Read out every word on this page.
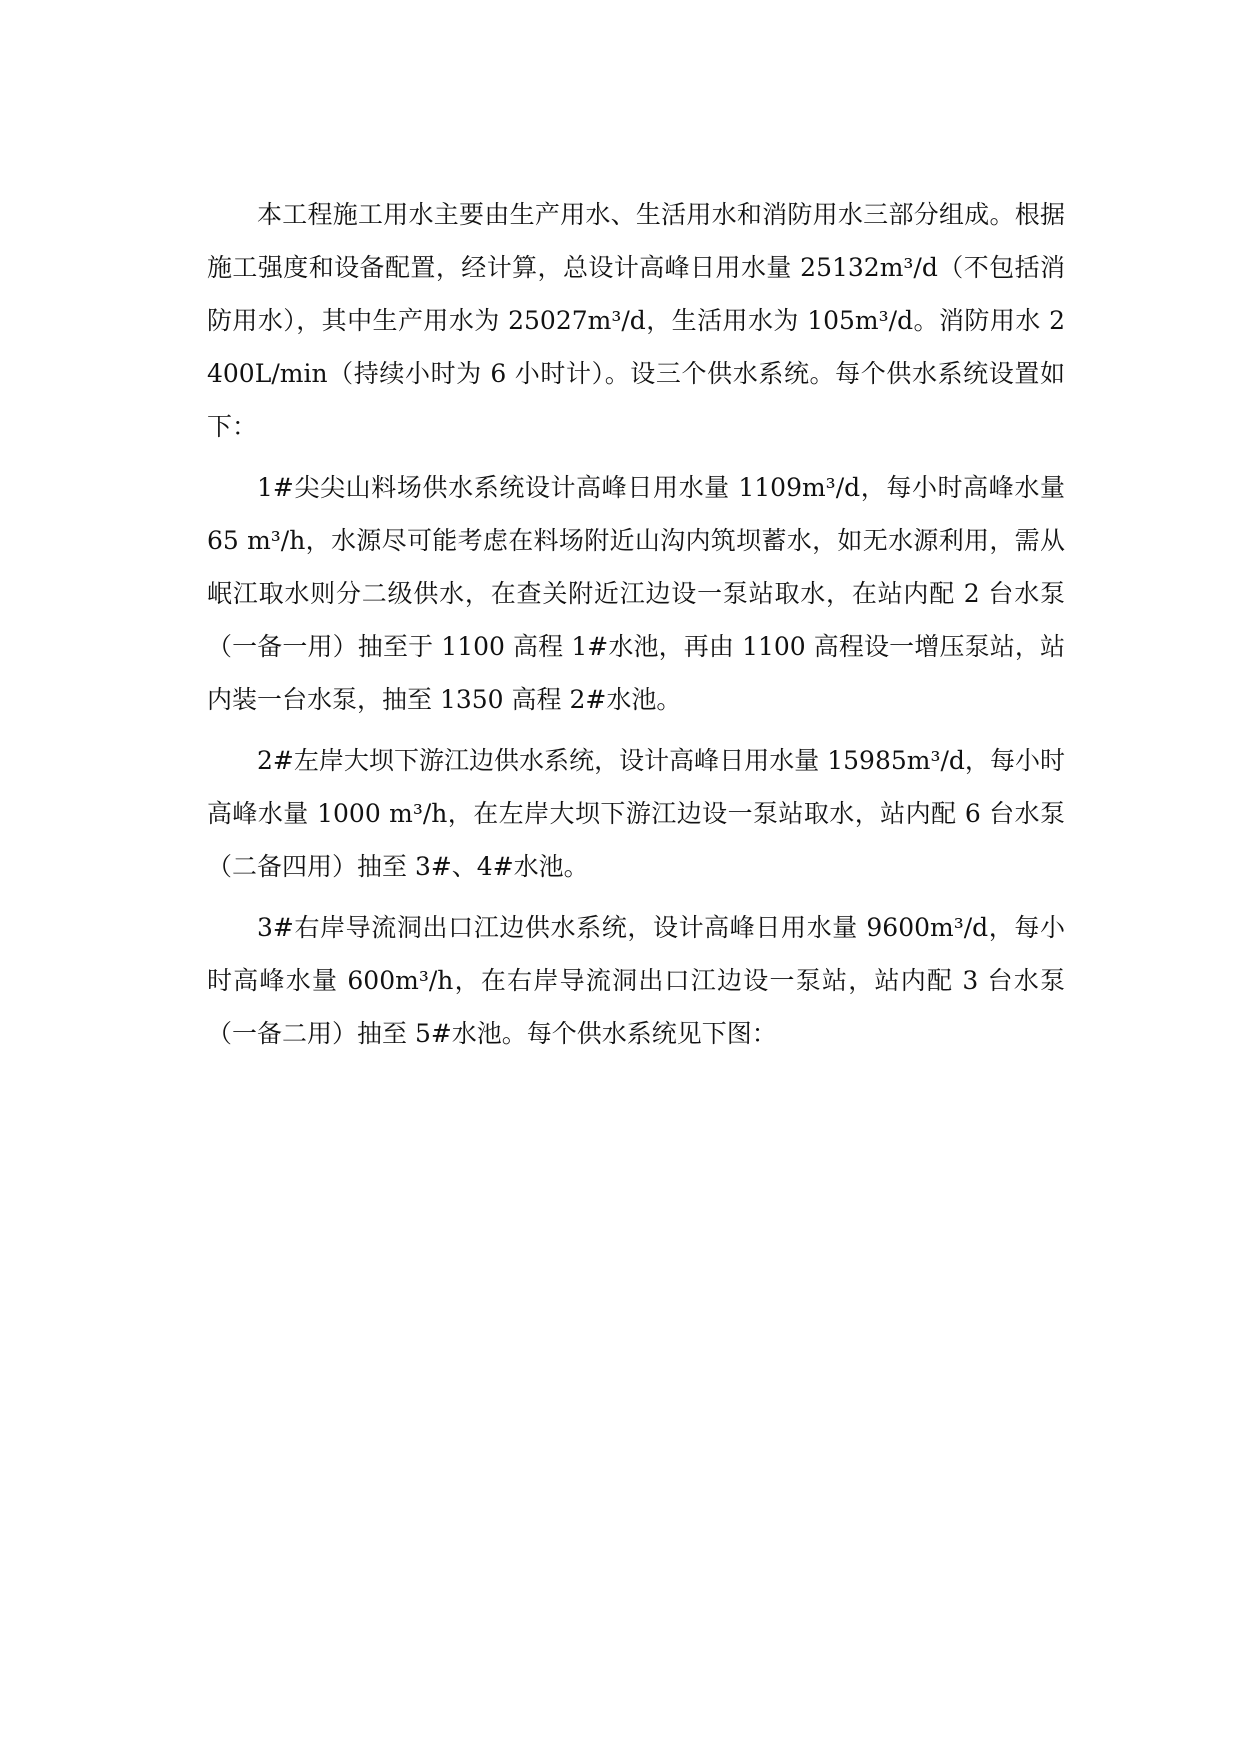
本工程施工用水主要由生产用水、生活用水和消防用水三部分组成。根据施工强度和设备配置，经计算，总设计高峰日用水量 25132m³/d（不包括消防用水），其中生产用水为 25027m³/d，生活用水为 105m³/d。消防用水 2400L/min（持续小时为 6 小时计）。设三个供水系统。每个供水系统设置如下：

1#尖尖山料场供水系统设计高峰日用水量 1109m³/d，每小时高峰水量 65 m³/h，水源尽可能考虑在料场附近山沟内筑坝蓄水，如无水源利用，需从岷江取水则分二级供水，在查关附近江边设一泵站取水，在站内配 2 台水泵（一备一用）抽至于 1100 高程 1#水池，再由 1100 高程设一增压泵站，站内装一台水泵，抽至 1350 高程 2#水池。

2#左岸大坝下游江边供水系统，设计高峰日用水量 15985m³/d，每小时高峰水量 1000 m³/h，在左岸大坝下游江边设一泵站取水，站内配 6 台水泵（二备四用）抽至 3#、4#水池。

3#右岸导流洞出口江边供水系统，设计高峰日用水量 9600m³/d，每小时高峰水量 600m³/h，在右岸导流洞出口江边设一泵站，站内配 3 台水泵（一备二用）抽至 5#水池。每个供水系统见下图：
